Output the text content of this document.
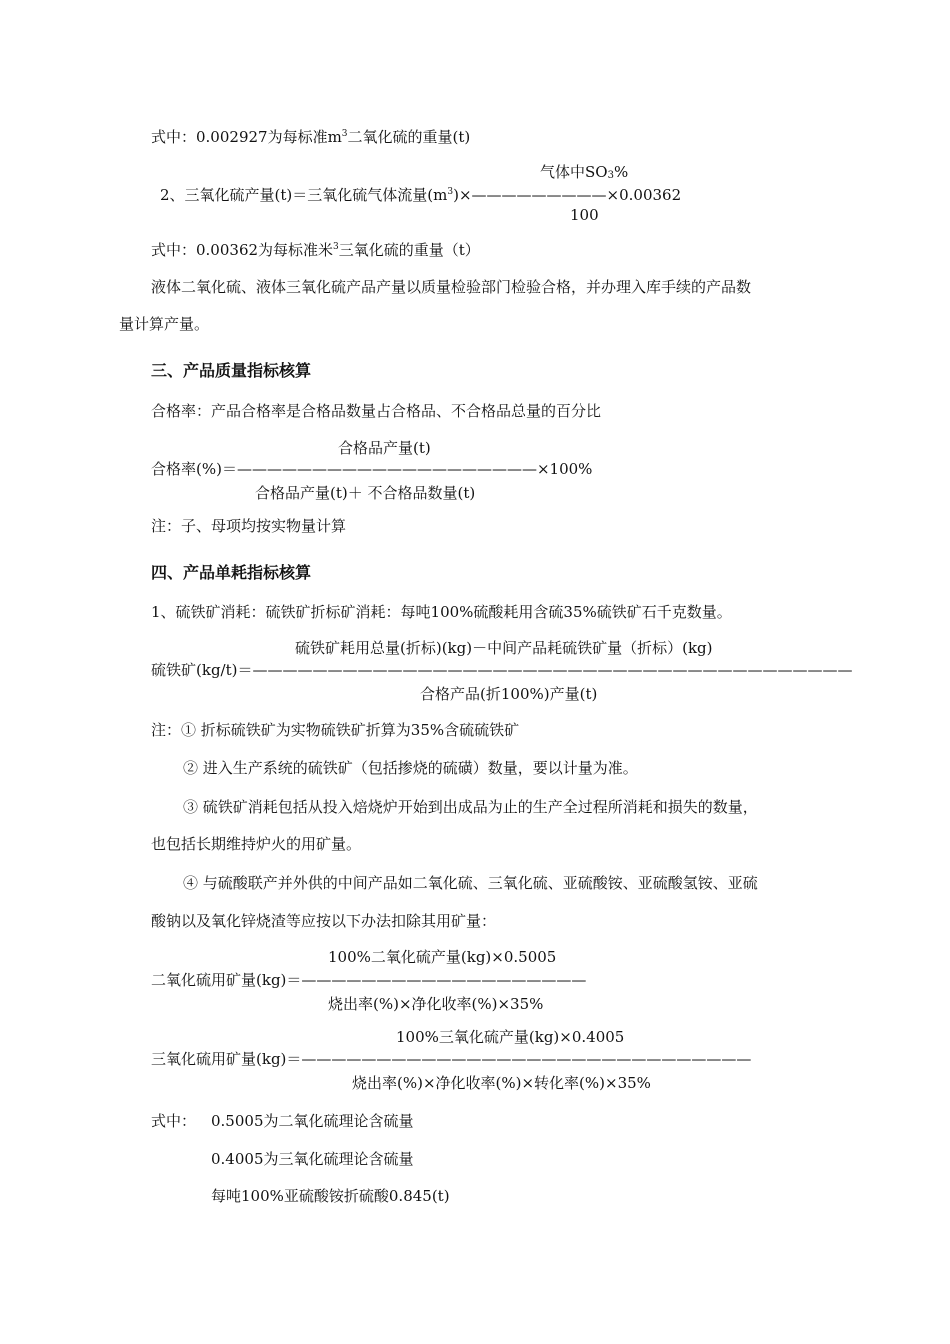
式中：0.002927为每标准$m^3$二氧化硫的重量(t)
气体中$SO_3\%$
2、三氧化硫产量(t)＝三氧化硫气体流量$(m^3)\times—————————\times 0.00362$
100
式中：0.00362为每标准米$^3$三氧化硫的重量（t）
液体二氧化硫、液体三氧化硫产品产量以质量检验部门检验合格，并办理入库手续的产品数
量计算产量。
三、产品质量指标核算
合格率：产品合格率是合格品数量占合格品、不合格品总量的百分比
合格品产量(t)
合格率(%)＝————————————————————×100%
合格品产量(t)＋ 不合格品数量(t)
注：子、母项均按实物量计算
四、产品单耗指标核算
1、硫铁矿消耗：硫铁矿折标矿消耗：每吨100%硫酸耗用含硫35%硫铁矿石千克数量。
硫铁矿耗用总量(折标)(kg)－中间产品耗硫铁矿量（折标）(kg)
硫铁矿(kg/t)＝————————————————————————————————————————
合格产品(折100%)产量(t)
注：① 折标硫铁矿为实物硫铁矿折算为35%含硫硫铁矿
② 进入生产系统的硫铁矿（包括掺烧的硫磺）数量，要以计量为准。
③ 硫铁矿消耗包括从投入焙烧炉开始到出成品为止的生产全过程所消耗和损失的数量，
也包括长期维持炉火的用矿量。
④ 与硫酸联产并外供的中间产品如二氧化硫、三氧化硫、亚硫酸铵、亚硫酸氢铵、亚硫
酸钠以及氧化锌烧渣等应按以下办法扣除其用矿量：
100%二氧化硫产量(kg)×0.5005
二氧化硫用矿量(kg)＝———————————————————
烧出率(%)×净化收率(%)×35%
100%三氧化硫产量(kg)×0.4005
三氧化硫用矿量(kg)＝——————————————————————————————
烧出率(%)×净化收率(%)×转化率(%)×35%
式中： 0.5005为二氧化硫理论含硫量
0.4005为三氧化硫理论含硫量
每吨100%亚硫酸铵折硫酸0.845(t)
